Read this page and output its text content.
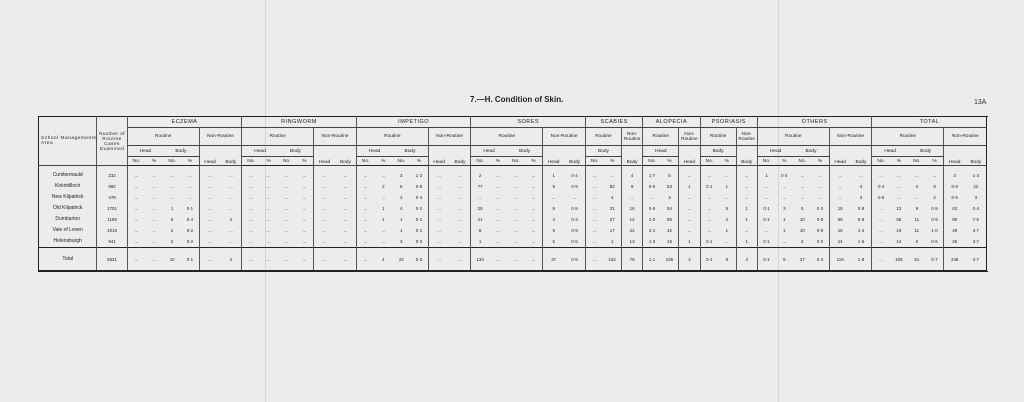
7.—H. Condition of Skin.	13A
School Managements Area	Number of Routine Cases Examined	ECZEMA						RINGWORM						IMPETIGO						SORES						SCABIES			ALOPECIA			PSORIASIS			OTHERS						TOTAL						
		Routine				Non-Routine		Routine				Non-Routine		Routine				Non-Routine		Routine				Non-Routine		Routine		Non-Routine	Routine		Non-Routine	Routine		Non-Routine	Routine				Non-Routine		Routine				Non-Routine		
		Head		Body		Head	Body	Head		Body		Head	Body	Head		Body		Head	Body	Head		Body		Head	Body	Body		Body	Head		Head	Body		Body	Head		Body		Head	Body	Head		Body		Head	Body	
		No.	%	No.	%			No.	%	No.	%			No.	%	No.	%			No.	%	No.	%			No.	%		No.	%		No.	%		No.	%	No.	%			No.	%	No.	%			
Cumbernauld	232	...	...	...	...	...	...	...	...	...	...	...	...	...	...	3	1·3	...	...	2	...	...	...	1	0·4	...	...	4	1·7	5	...	...	...	...	1	0·4	...	...	...	...	...	...	...	...	3	1·3				
Kirkintilloch	992	...	...	...	...	...	...	...	...	...	...	...	...	...	2	8	0·8	...	...	77	...	...	...	9	0·9	...	82	9	0·9	53	1	0·1	1	...	...	...	...	...	...	4	0·4	...	4	9	0·9	22			
New Kilpatrick	478	...	...	...	...	...	...	...	...	...	...	...	...	...	...	2	0·4	...	...	...	...	...	...	...	...	...	4	...	...	3	...	...	...	...	...	...	...	...	...	3	0·6	...	...	2	0·6	3			
Old Kilpatrick	1701	...	...	1	0·1	...	...	...	...	...	...	...	...	...	1	4	0·2	...	...	25	...	...	...	9	0·5	...	31	16	0·9	54	...	...	5	1	0·1	3	5	0·3	15	0·8	...	13	9	0·5	42	2·4		
Dumbarton	1169	...	...	5	0·4	...	4	...	...	...	...	...	...	...	1	1	0·1	...	...	21	...	...	...	4	0·3	...	27	12	1·0	59	...	...	2	1	0·1	1	10	0·8	68	5·8	...	58	11	0·9	90	7·6		
Vale of Leven	1018	...	...	2	0·2	...	...	...	...	...	...	...	...	...	...	1	0·1	...	...	8	...	...	...	9	0·9	...	17	22	2·1	42	...	...	1	...	...	1	10	0·9	15	1·4	...	19	11	1·0	48	4·7		
Helensburgh	941	...	...	2	0·2	...	...	...	...	...	...	...	...	...	...	3	0·3	...	...	1	...	...	...	5	0·5	...	1	13	1·3	19	1	0·1	...	1	0·1	...	2	0·2	14	1·5	...	14	6	0·6	35	3·7		
Total	6531	...	...	10	0·1	...	4	...	...	...	...	...	...	...	4	22	0·3	...	...	134	...	...	...	37	0·5	...	162	76	1·1	235	2	0·1	9	4	0·1	5	27	0·4	119	1·8	...	108	51	0·7	246	3·7		
